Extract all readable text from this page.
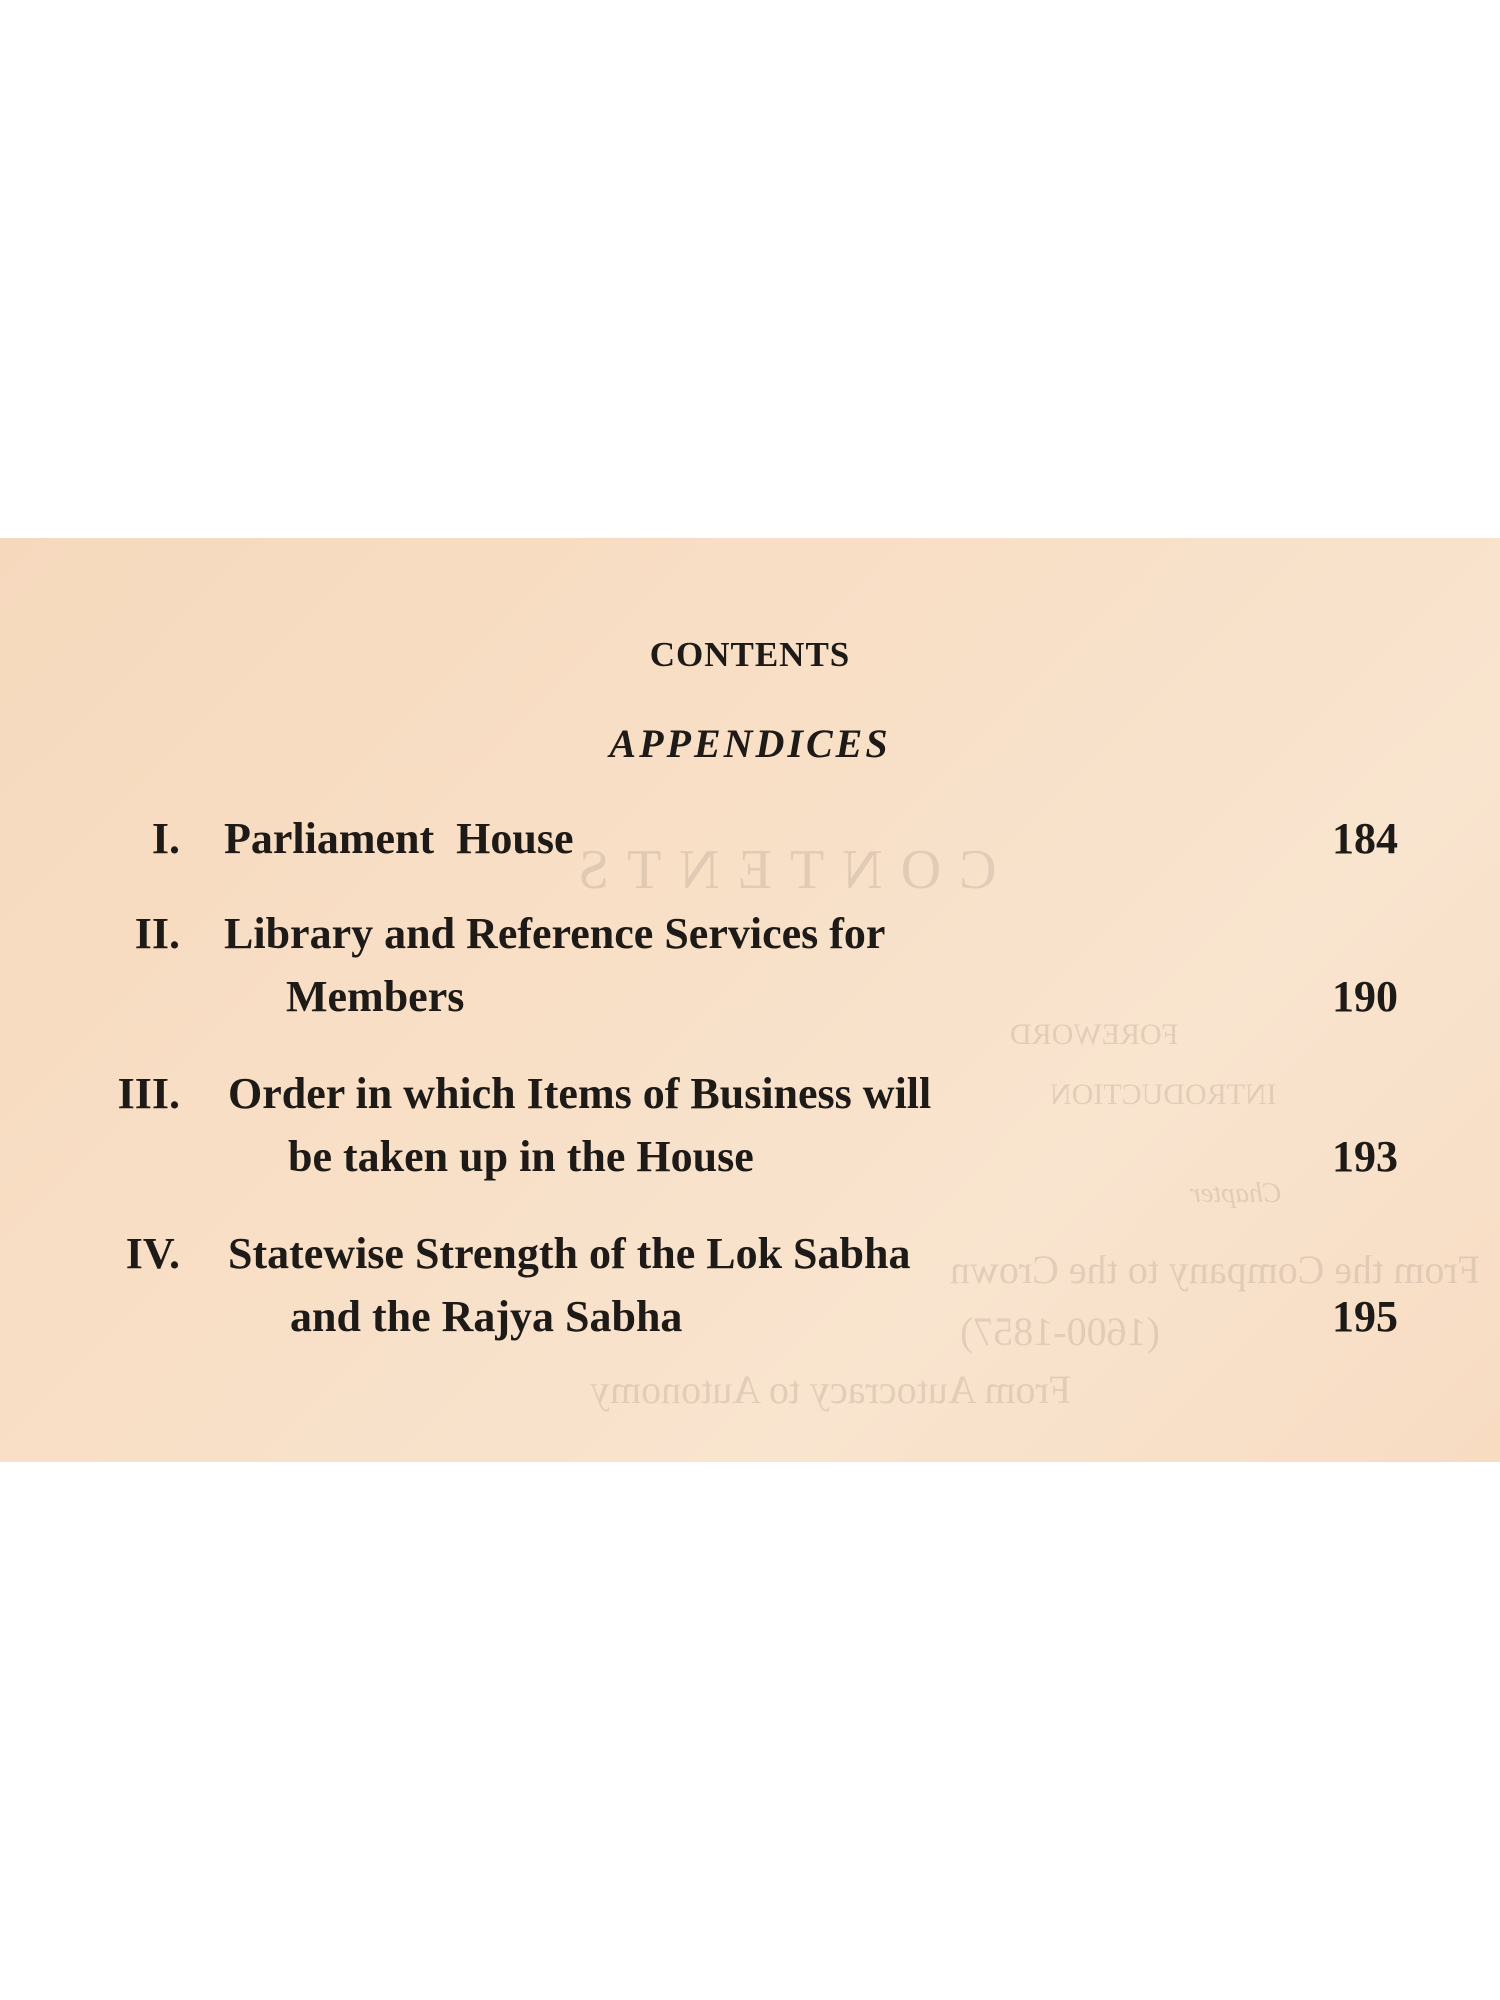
CONTENTS
FOREWORD
INTRODUCTION
Chapter
From the Company to the Crown
(1600-1857)
From Autocracy to Autonomy
CONTENTS
APPENDICES
I. Parliament  House	184
II. Library and Reference Services for
Members	190
III. Order in which Items of Business will
be taken up in the House	193
IV. Statewise Strength of the Lok Sabha
and the Rajya Sabha	195
